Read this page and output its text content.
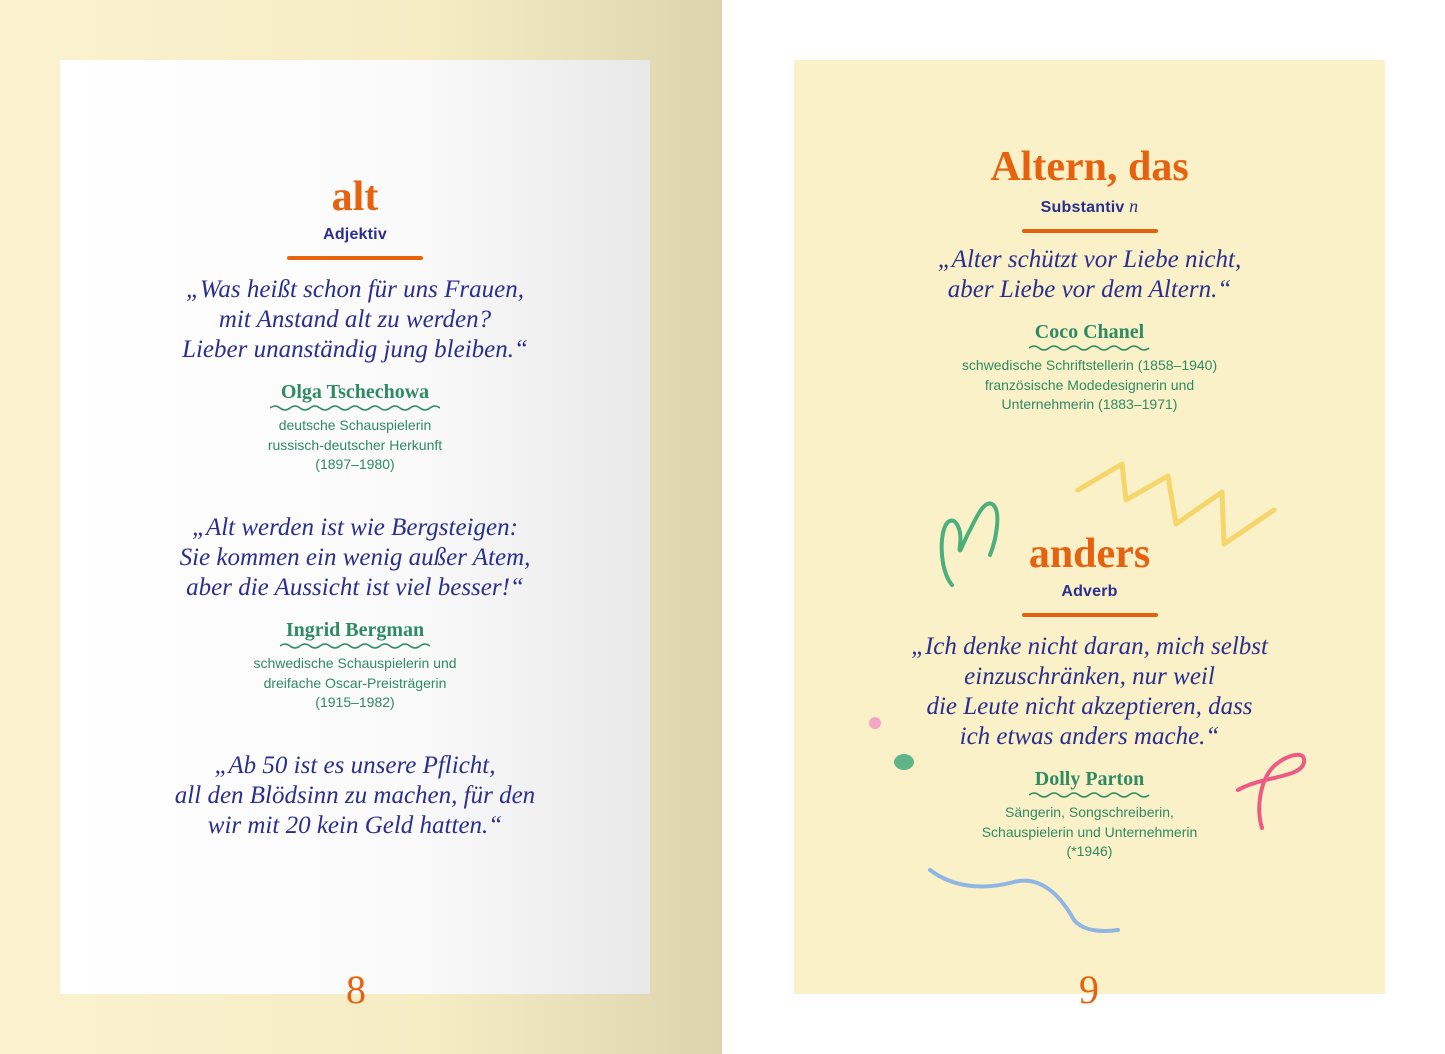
alt
Adjektiv
„Was heißt schon für uns Frauen,
mit Anstand alt zu werden?
Lieber unanständig jung bleiben.“
Olga Tschechowa
deutsche Schauspielerin
russisch-deutscher Herkunft
(1897–1980)
„Alt werden ist wie Bergsteigen:
Sie kommen ein wenig außer Atem,
aber die Aussicht ist viel besser!“
Ingrid Bergman
schwedische Schauspielerin und
dreifache Oscar-Preisträgerin
(1915–1982)
„Ab 50 ist es unsere Pflicht,
all den Blödsinn zu machen, für den
wir mit 20 kein Geld hatten.“
8
Altern, das
Substantiv n
„Alter schützt vor Liebe nicht,
aber Liebe vor dem Altern.“
Coco Chanel
schwedische Schriftstellerin (1858–1940)
französische Modedesignerin und
Unternehmerin (1883–1971)
anders
Adverb
„Ich denke nicht daran, mich selbst
einzuschränken, nur weil
die Leute nicht akzeptieren, dass
ich etwas anders mache.“
Dolly Parton
Sängerin, Songschreiberin,
Schauspielerin und Unternehmerin
(*1946)
9
